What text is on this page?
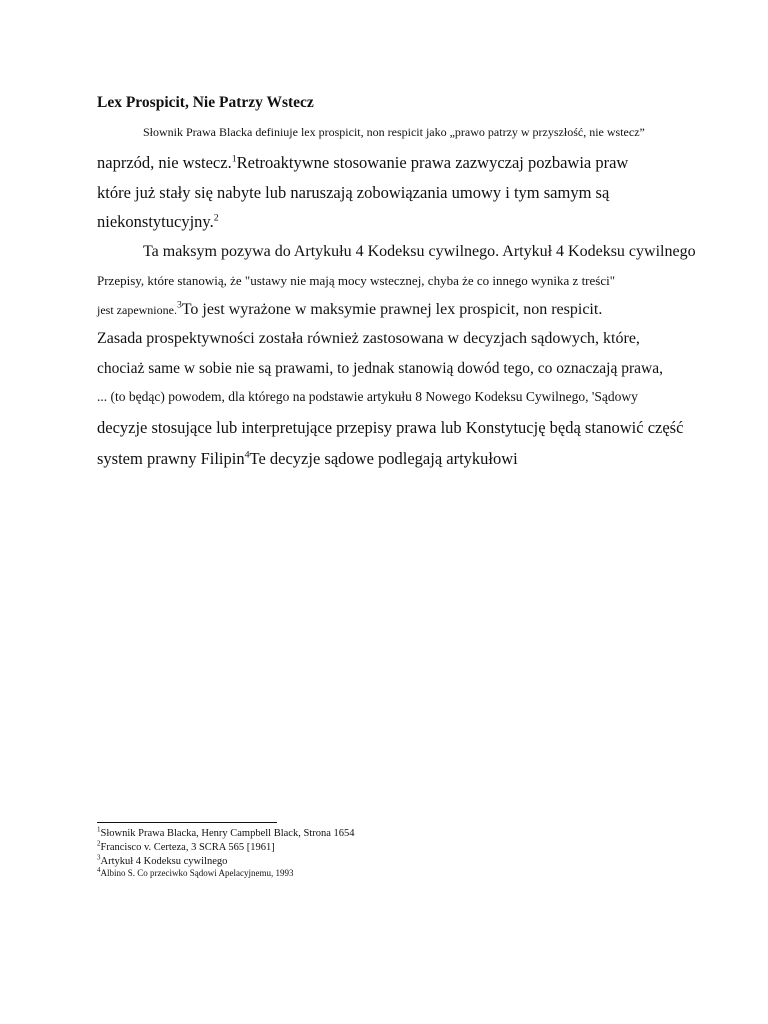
Lex Prospicit, Nie Patrzy Wstecz
Słownik Prawa Blacka definiuje lex prospicit, non respicit jako „prawo patrzy w przyszłość, nie wstecz”
naprzód, nie wstecz.$^1$Retroaktywne stosowanie prawa zazwyczaj pozbawia praw
które już stały się nabyte lub naruszają zobowiązania umowy i tym samym są
niekonstytucyjny.$^2$
Ta maksym pozywa do Artykułu 4 Kodeksu cywilnego. Artykuł 4 Kodeksu cywilnego
Przepisy, które stanowią, że "ustawy nie mają mocy wstecznej, chyba że co innego wynika z treści"
jest zapewnione.$^3$To jest wyrażone w maksymie prawnej lex prospicit, non respicit.
Zasada prospektywności została również zastosowana w decyzjach sądowych, które,
chociaż same w sobie nie są prawami, to jednak stanowią dowód tego, co oznaczają prawa,
... (to będąc) powodem, dla którego na podstawie artykułu 8 Nowego Kodeksu Cywilnego, 'Sądowy
decyzje stosujące lub interpretujące przepisy prawa lub Konstytucję będą stanowić część
system prawny Filipin$^4$Te decyzje sądowe podlegają artykułowi
$^1$Słownik Prawa Blacka, Henry Campbell Black, Strona 1654
$^2$Francisco v. Certeza, 3 SCRA 565 [1961]
$^3$Artykuł 4 Kodeksu cywilnego
$^4$Albino S. Co przeciwko Sądowi Apelacyjnemu, 1993
